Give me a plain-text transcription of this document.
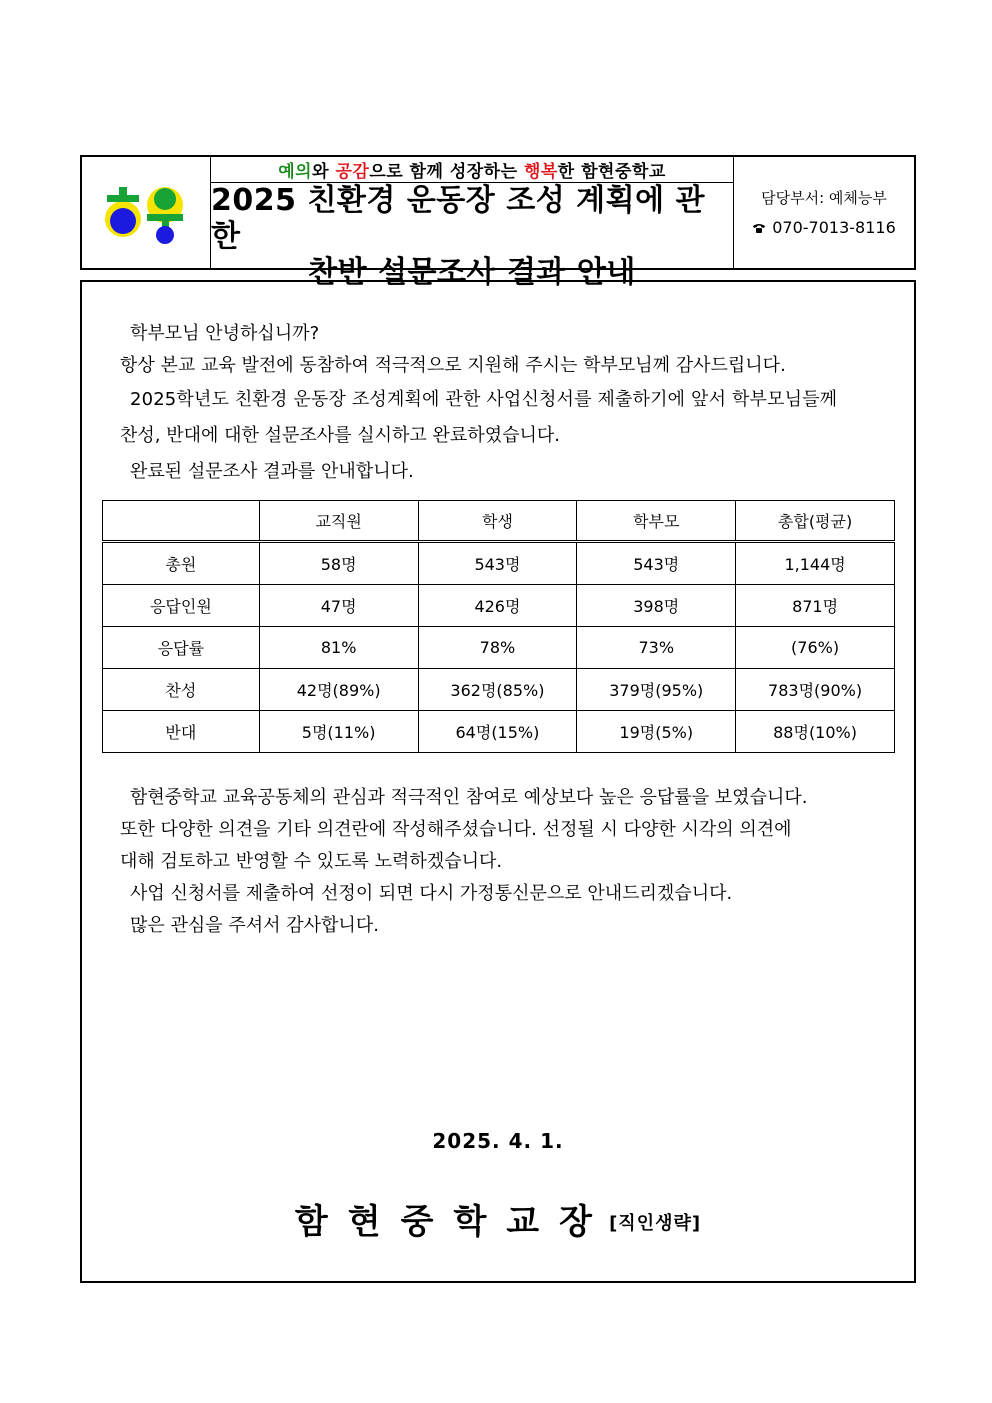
예의 와 공감 으로 함께 성장하는 행복 한 함현중학교
2025 친환경 운동장 조성 계획에 관한
찬반 설문조사 결과 안내
담당부서: 예체능부
070-7013-8116
학부모님 안녕하십니까?
항상 본교 교육 발전에 동참하여 적극적으로 지원해 주시는 학부모님께 감사드립니다.
2025학년도 친환경 운동장 조성계획에 관한 사업신청서를 제출하기에 앞서 학부모님들께
찬성, 반대에 대한 설문조사를 실시하고 완료하였습니다.
완료된 설문조사 결과를 안내합니다.
	교직원	학생	학부모	총합(평균)
총원	58명	543명	543명	1,144명
응답인원	47명	426명	398명	871명
응답률	81%	78%	73%	(76%)
찬성	42명(89%)	362명(85%)	379명(95%)	783명(90%)
반대	5명(11%)	64명(15%)	19명(5%)	88명(10%)
함현중학교 교육공동체의 관심과 적극적인 참여로 예상보다 높은 응답률을 보였습니다.
또한 다양한 의견을 기타 의견란에 작성해주셨습니다. 선정될 시 다양한 시각의 의견에
대해 검토하고 반영할 수 있도록 노력하겠습니다.
사업 신청서를 제출하여 선정이 되면 다시 가정통신문으로 안내드리겠습니다.
많은 관심을 주셔서 감사합니다.
2025. 4. 1.
함현중학교장 [직인생략]
